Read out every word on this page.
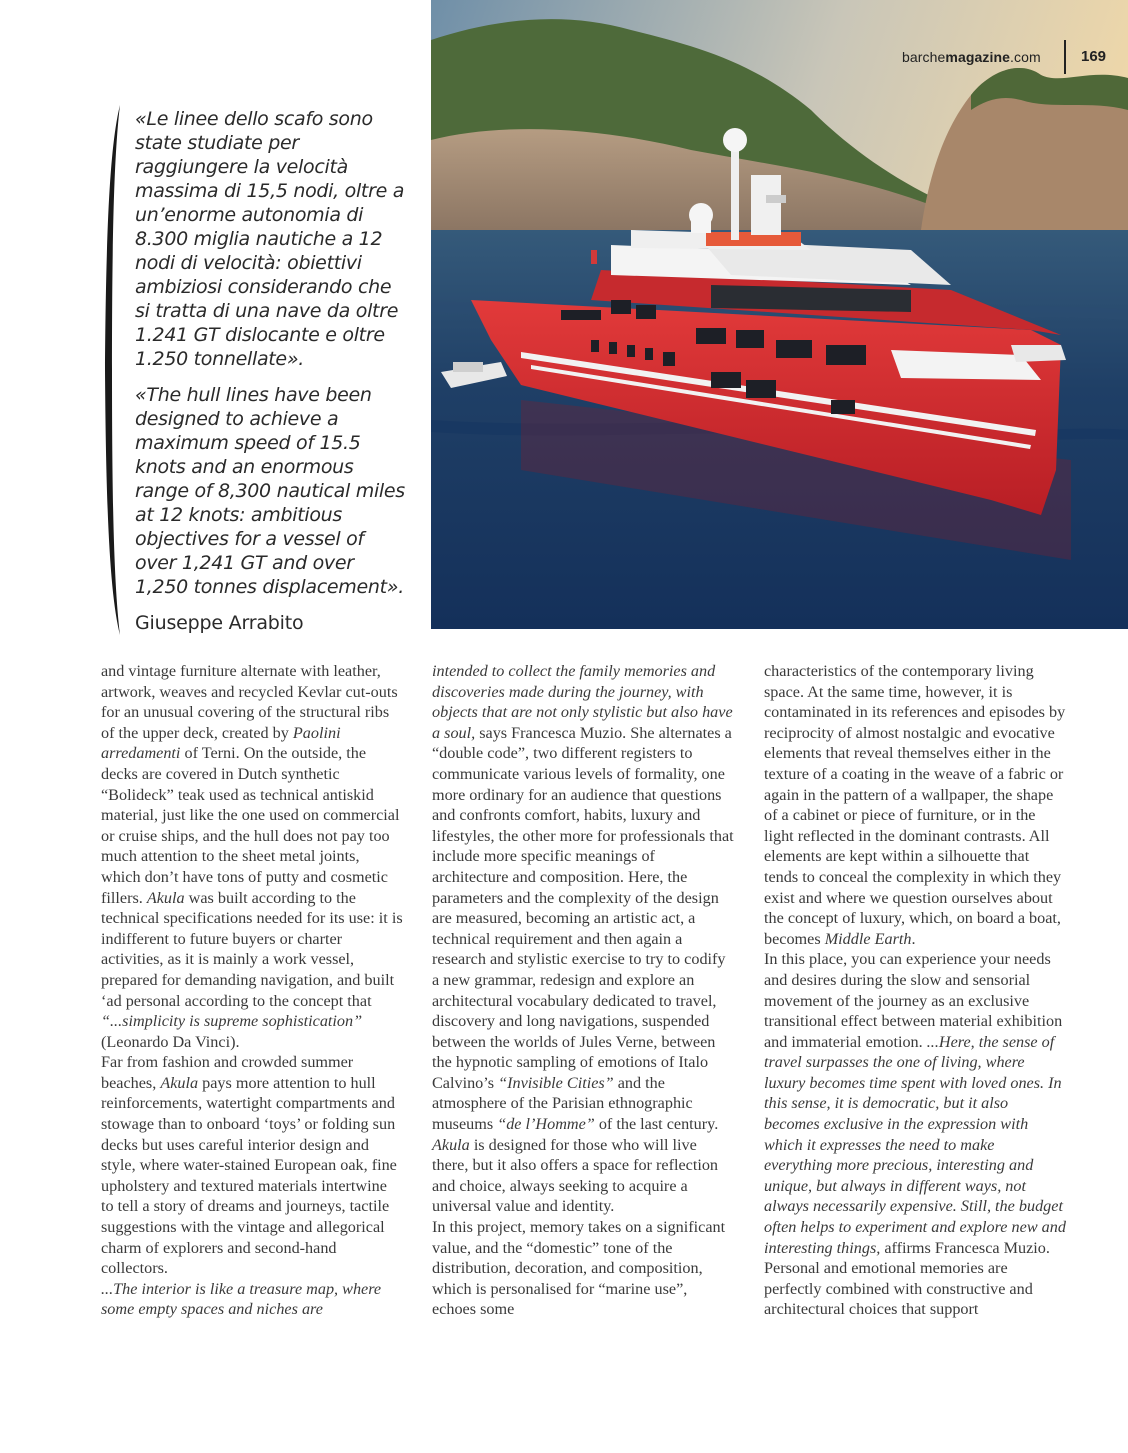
barchemagazine.com	169

«Le linee dello scafo sono state studiate per raggiungere la velocità massima di 15,5 nodi, oltre a un’enorme autonomia di 8.300 miglia nautiche a 12 nodi di velocità: obiettivi ambiziosi considerando che si tratta di una nave da oltre 1.241 GT dislocante e oltre 1.250 tonnellate».

«The hull lines have been designed to achieve a maximum speed of 15.5 knots and an enormous range of 8,300 nautical miles at 12 knots: ambitious objectives for a vessel of over 1,241 GT and over 1,250 tonnes displacement».

Giuseppe Arrabito

and vintage furniture alternate with leather, artwork, weaves and recycled Kevlar cut-outs for an unusual covering of the structural ribs of the upper deck, created by Paolini arredamenti of Terni. On the outside, the decks are covered in Dutch synthetic “Bolideck” teak used as technical antiskid material, just like the one used on commercial or cruise ships, and the hull does not pay too much attention to the sheet metal joints, which don’t have tons of putty and cosmetic fillers. Akula was built according to the technical specifications needed for its use: it is indifferent to future buyers or charter activities, as it is mainly a work vessel, prepared for demanding navigation, and built ‘ad personal according to the concept that “...simplicity is supreme sophistication” (Leonardo Da Vinci).

Far from fashion and crowded summer beaches, Akula pays more attention to hull reinforcements, watertight compartments and stowage than to onboard ‘toys’ or folding sun decks but uses careful interior design and style, where water-stained European oak, fine upholstery and textured materials intertwine to tell a story of dreams and journeys, tactile suggestions with the vintage and allegorical charm of explorers and second-hand collectors.

...The interior is like a treasure map, where some empty spaces and niches are

intended to collect the family memories and discoveries made during the journey, with objects that are not only stylistic but also have a soul, says Francesca Muzio. She alternates a “double code”, two different registers to communicate various levels of formality, one more ordinary for an audience that questions and confronts comfort, habits, luxury and lifestyles, the other more for professionals that include more specific meanings of architecture and composition. Here, the parameters and the complexity of the design are measured, becoming an artistic act, a technical requirement and then again a research and stylistic exercise to try to codify a new grammar, redesign and explore an architectural vocabulary dedicated to travel, discovery and long navigations, suspended between the worlds of Jules Verne, between the hypnotic sampling of emotions of Italo Calvino’s “Invisible Cities” and the atmosphere of the Parisian ethnographic museums “de l’Homme” of the last century. Akula is designed for those who will live there, but it also offers a space for reflection and choice, always seeking to acquire a universal value and identity.

In this project, memory takes on a significant value, and the “domestic” tone of the distribution, decoration, and composition, which is personalised for “marine use”, echoes some

characteristics of the contemporary living space. At the same time, however, it is contaminated in its references and episodes by reciprocity of almost nostalgic and evocative elements that reveal themselves either in the texture of a coating in the weave of a fabric or again in the pattern of a wallpaper, the shape of a cabinet or piece of furniture, or in the light reflected in the dominant contrasts. All elements are kept within a silhouette that tends to conceal the complexity in which they exist and where we question ourselves about the concept of luxury, which, on board a boat, becomes Middle Earth.

In this place, you can experience your needs and desires during the slow and sensorial movement of the journey as an exclusive transitional effect between material exhibition and immaterial emotion. ...Here, the sense of travel surpasses the one of living, where luxury becomes time spent with loved ones. In this sense, it is democratic, but it also becomes exclusive in the expression with which it expresses the need to make everything more precious, interesting and unique, but always in different ways, not always necessarily expensive. Still, the budget often helps to experiment and explore new and interesting things, affirms Francesca Muzio.

Personal and emotional memories are perfectly combined with constructive and architectural choices that support
